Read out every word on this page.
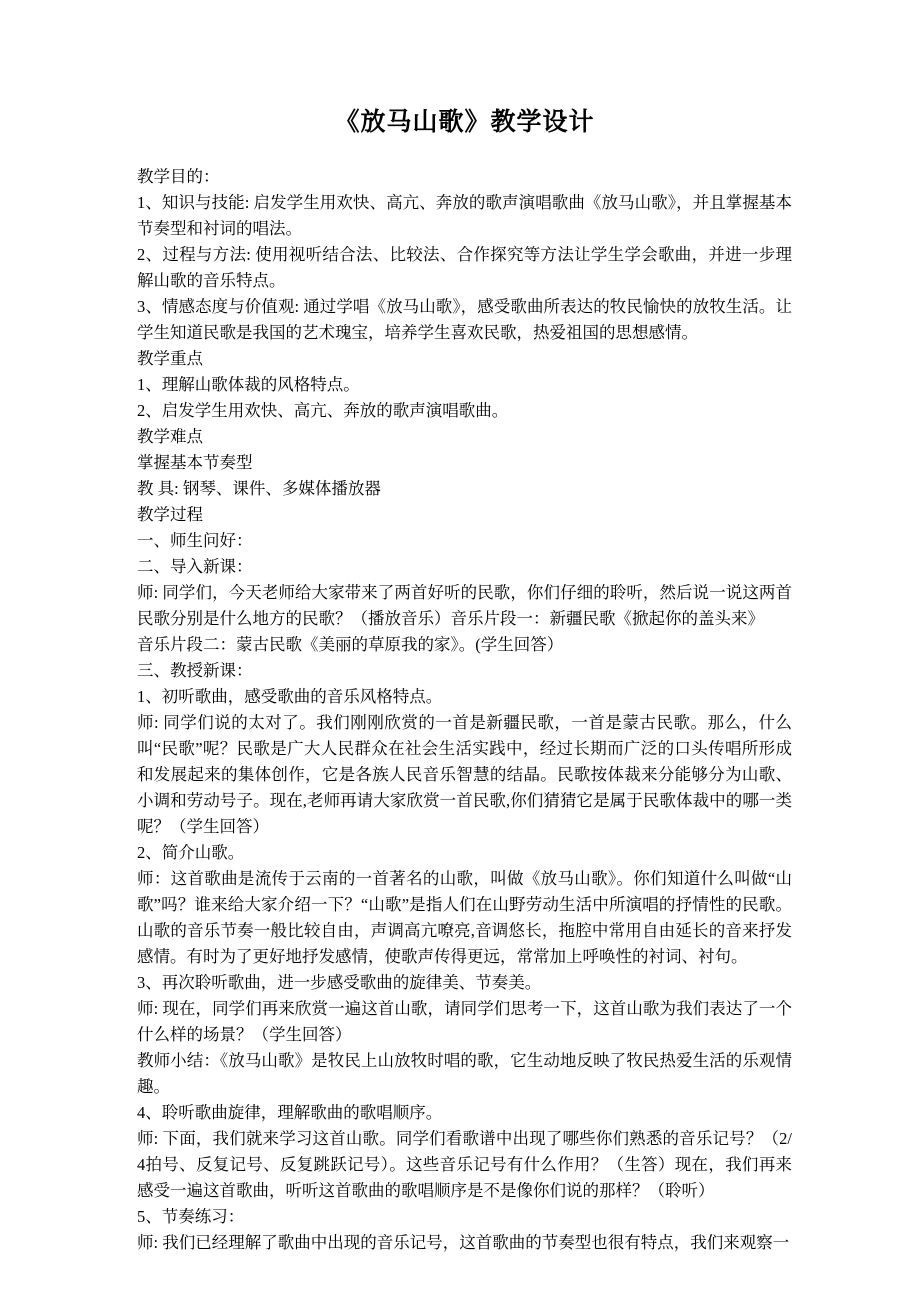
《放马山歌》教学设计

教学目的：

1、知识与技能: 启发学生用欢快、高亢、奔放的歌声演唱歌曲《放马山歌》，并且掌握基本节奏型和衬词的唱法。

2、过程与方法: 使用视听结合法、比较法、合作探究等方法让学生学会歌曲，并进一步理解山歌的音乐特点。

3、情感态度与价值观: 通过学唱《放马山歌》，感受歌曲所表达的牧民愉快的放牧生活。让学生知道民歌是我国的艺术瑰宝，培养学生喜欢民歌，热爱祖国的思想感情。

教学重点

1、理解山歌体裁的风格特点。

2、启发学生用欢快、高亢、奔放的歌声演唱歌曲。

教学难点

掌握基本节奏型

教 具: 钢琴、课件、多媒体播放器

教学过程

一、师生问好：

二、导入新课：

师: 同学们，今天老师给大家带来了两首好听的民歌，你们仔细的聆听，然后说一说这两首民歌分别是什么地方的民歌？（播放音乐）音乐片段一：新疆民歌《掀起你的盖头来》

音乐片段二：蒙古民歌《美丽的草原我的家》。(学生回答）

三、教授新课：

1、初听歌曲，感受歌曲的音乐风格特点。

师: 同学们说的太对了。我们刚刚欣赏的一首是新疆民歌，一首是蒙古民歌。那么，什么叫“民歌”呢？民歌是广大人民群众在社会生活实践中，经过长期而广泛的口头传唱所形成和发展起来的集体创作，它是各族人民音乐智慧的结晶。民歌按体裁来分能够分为山歌、小调和劳动号子。现在,老师再请大家欣赏一首民歌,你们猜猜它是属于民歌体裁中的哪一类呢？（学生回答）

2、简介山歌。

师：这首歌曲是流传于云南的一首著名的山歌，叫做《放马山歌》。你们知道什么叫做“山歌”吗？谁来给大家介绍一下？“山歌”是指人们在山野劳动生活中所演唱的抒情性的民歌。山歌的音乐节奏一般比较自由，声调高亢嘹亮,音调悠长，拖腔中常用自由延长的音来抒发感情。有时为了更好地抒发感情，使歌声传得更远，常常加上呼唤性的衬词、衬句。

3、再次聆听歌曲，进一步感受歌曲的旋律美、节奏美。

师: 现在，同学们再来欣赏一遍这首山歌，请同学们思考一下，这首山歌为我们表达了一个什么样的场景？（学生回答）

教师小结：《放马山歌》是牧民上山放牧时唱的歌，它生动地反映了牧民热爱生活的乐观情趣。

4、聆听歌曲旋律，理解歌曲的歌唱顺序。

师: 下面，我们就来学习这首山歌。同学们看歌谱中出现了哪些你们熟悉的音乐记号？（2/4拍号、反复记号、反复跳跃记号）。这些音乐记号有什么作用？（生答）现在，我们再来感受一遍这首歌曲，听听这首歌曲的歌唱顺序是不是像你们说的那样？（聆听）

5、节奏练习：

师: 我们已经理解了歌曲中出现的音乐记号，这首歌曲的节奏型也很有特点，我们来观察一
